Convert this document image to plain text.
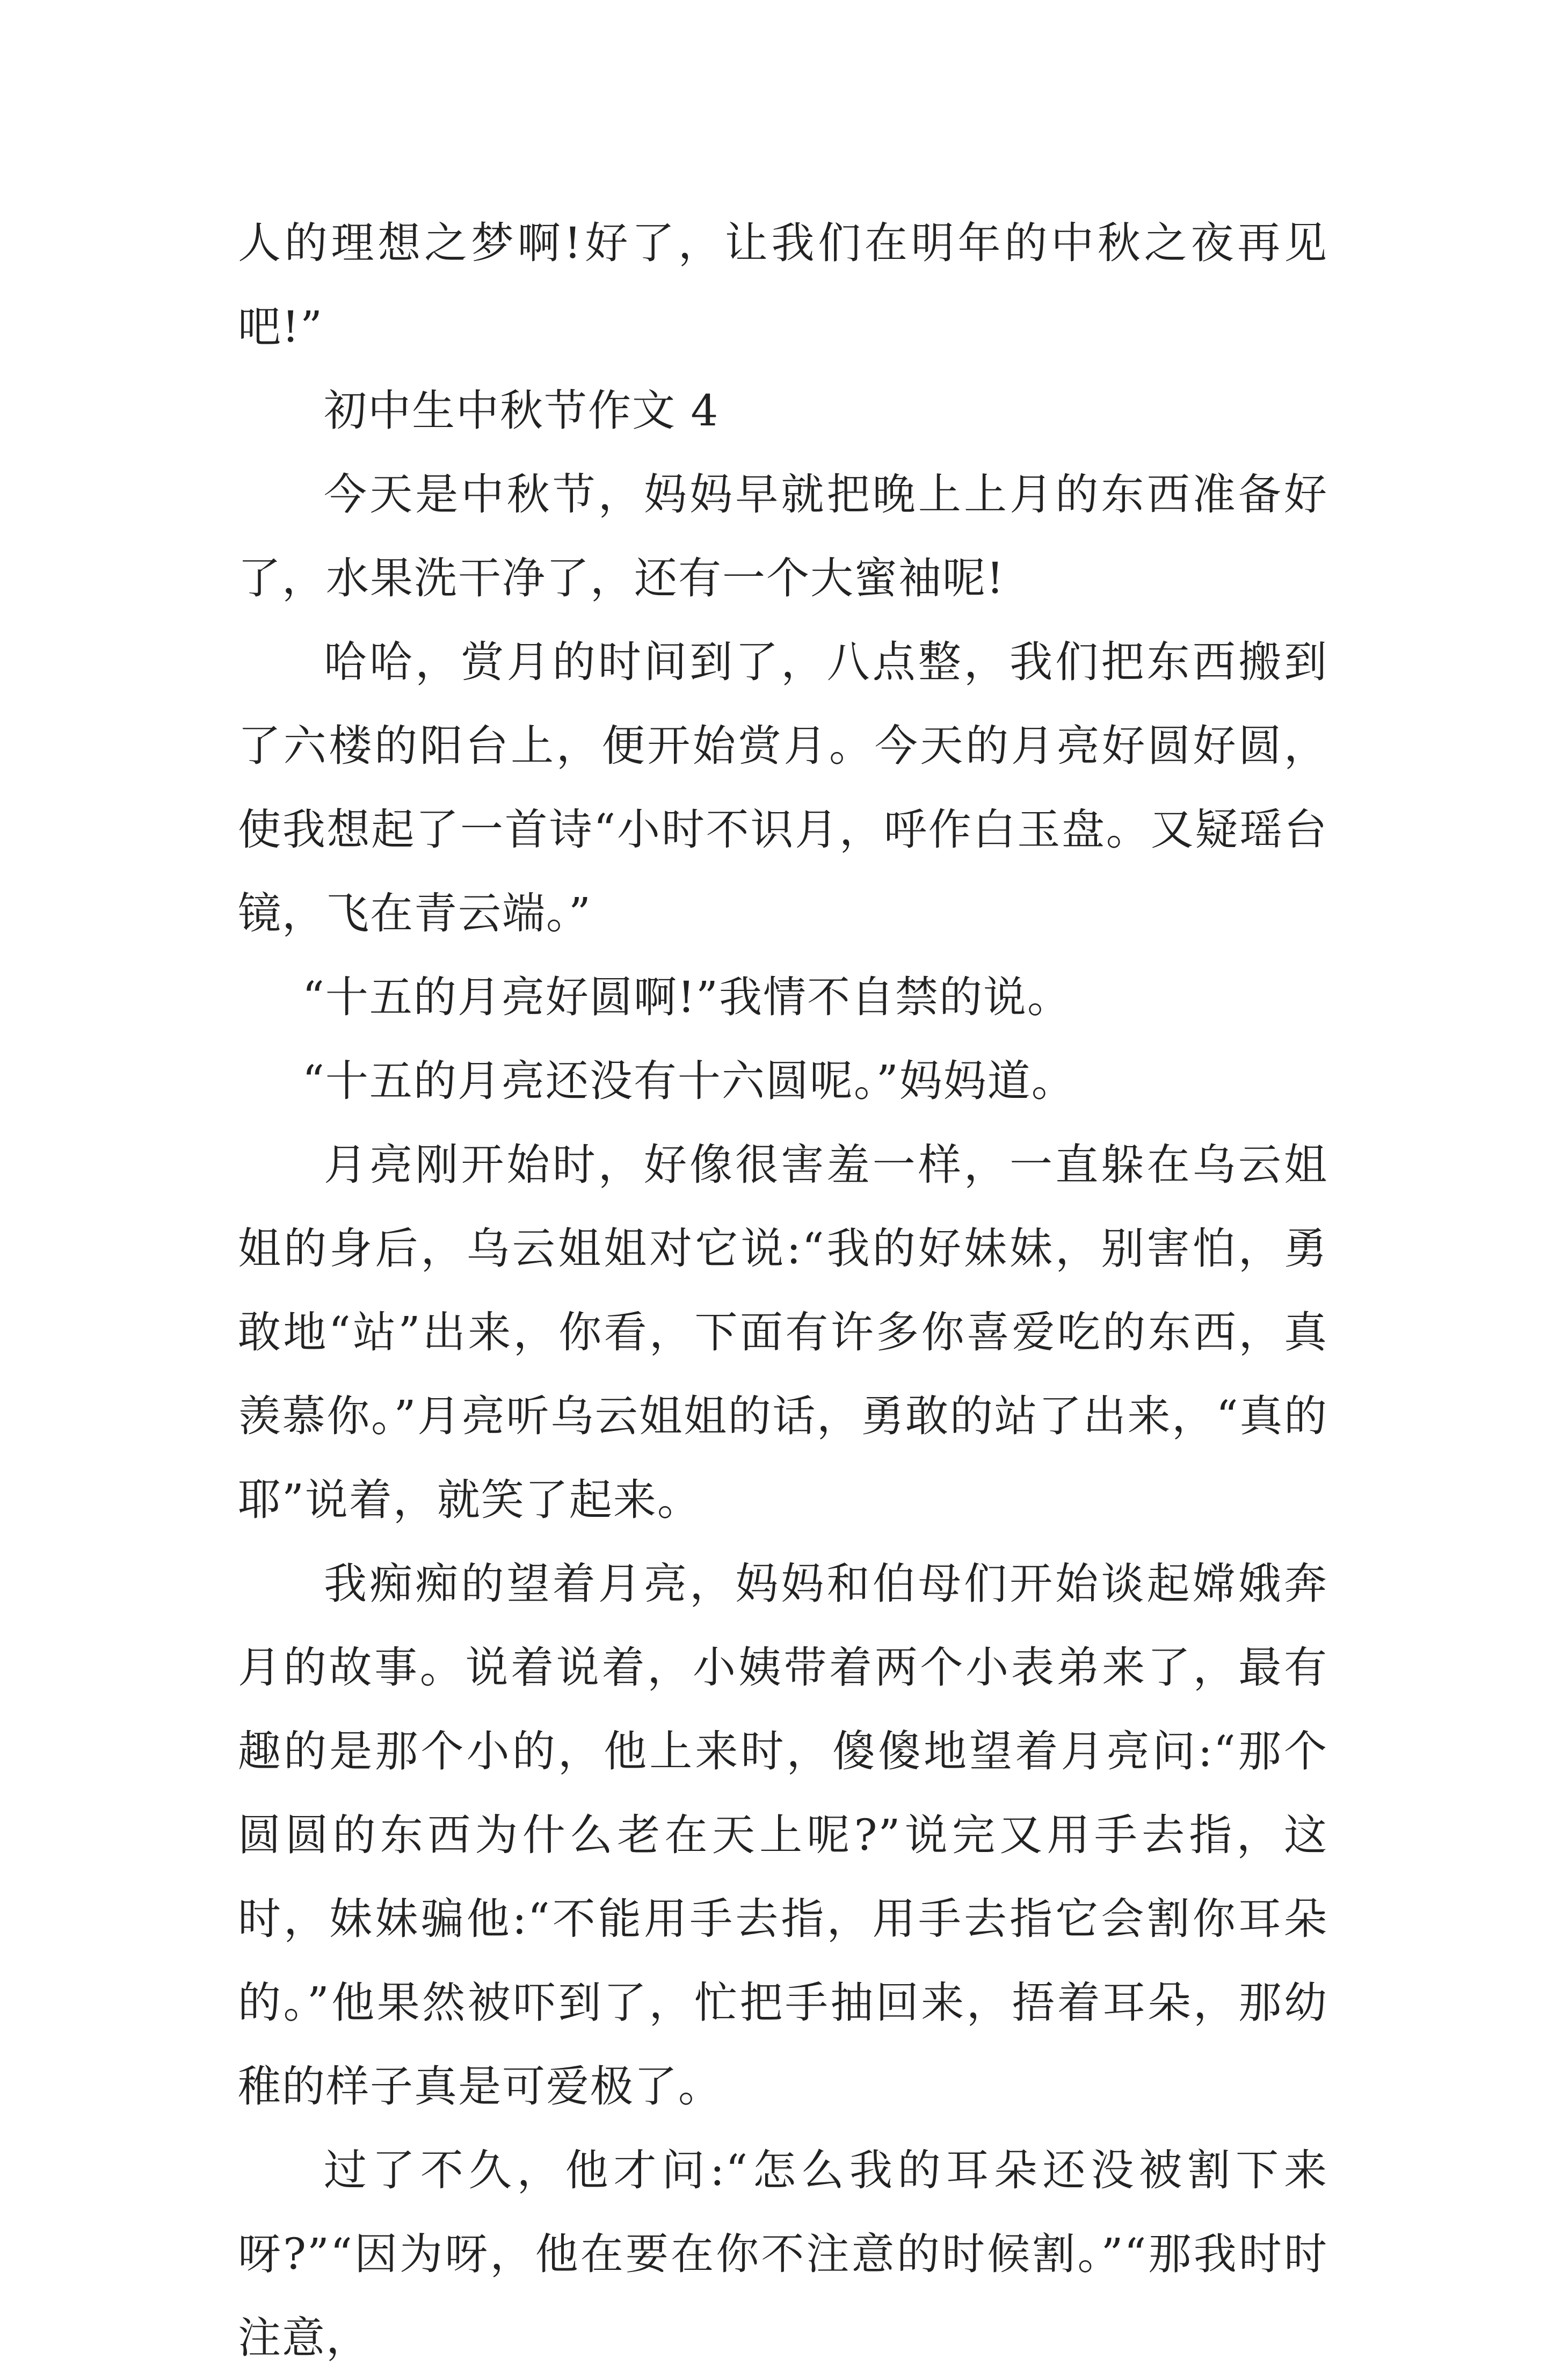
人的理想之梦啊!好了，让我们在明年的中秋之夜再见吧!”

初中生中秋节作文 4

今天是中秋节，妈妈早就把晚上上月的东西准备好了，水果洗干净了，还有一个大蜜袖呢!

哈哈，赏月的时间到了，八点整，我们把东西搬到了六楼的阳台上，便开始赏月。今天的月亮好圆好圆，使我想起了一首诗“小时不识月，呼作白玉盘。又疑瑶台镜，飞在青云端。”

“十五的月亮好圆啊!”我情不自禁的说。

“十五的月亮还没有十六圆呢。”妈妈道。

月亮刚开始时，好像很害羞一样，一直躲在乌云姐姐的身后，乌云姐姐对它说:“我的好妹妹，别害怕，勇敢地“站”出来，你看，下面有许多你喜爱吃的东西，真羡慕你。”月亮听乌云姐姐的话，勇敢的站了出来，“真的耶”说着，就笑了起来。

我痴痴的望着月亮，妈妈和伯母们开始谈起嫦娥奔月的故事。说着说着，小姨带着两个小表弟来了，最有趣的是那个小的，他上来时，傻傻地望着月亮问:“那个圆圆的东西为什么老在天上呢?”说完又用手去指，这时，妹妹骗他:“不能用手去指，用手去指它会割你耳朵的。”他果然被吓到了，忙把手抽回来，捂着耳朵，那幼稚的样子真是可爱极了。

过了不久，他才问:“怎么我的耳朵还没被割下来呀?”“因为呀，他在要在你不注意的时候割。”“那我时时注意，
